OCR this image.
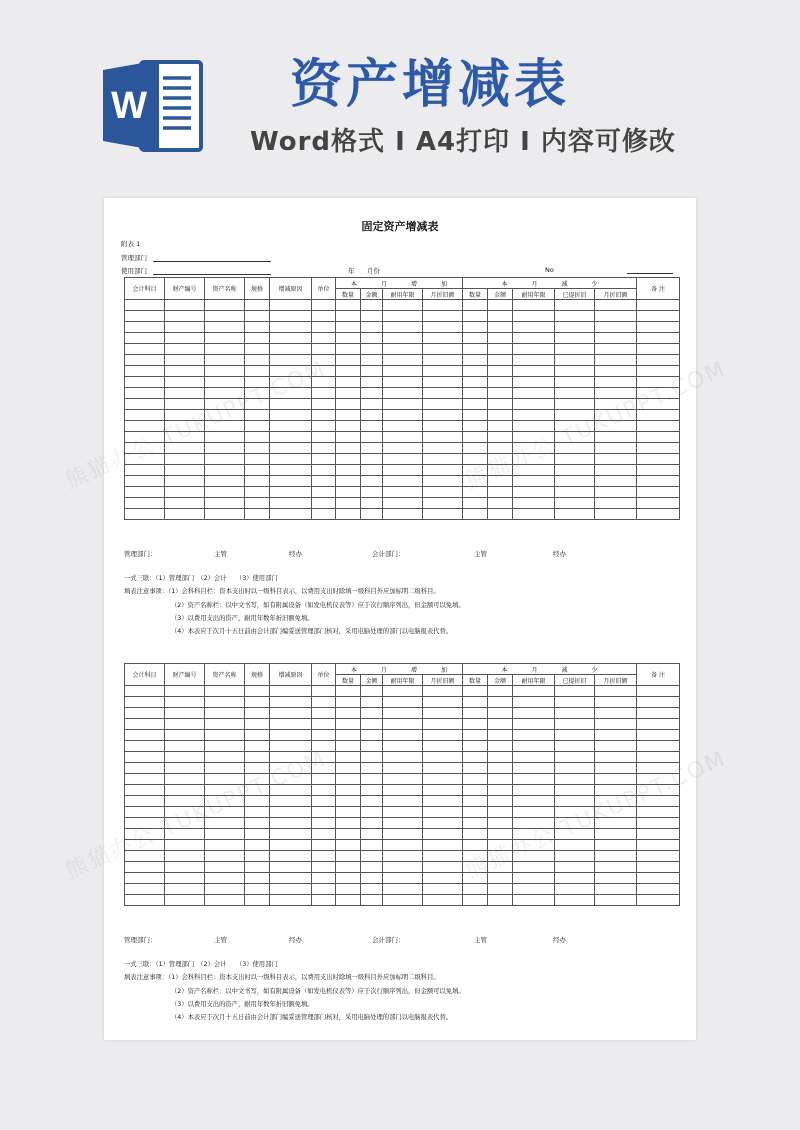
W	资产增减表
Word格式 I A4打印 I 内容可修改
固定资产增减表
附表 1
管理部门
使用部门	年 月份	No
熊猫办公 TUKUPPT.COM	熊猫办公 TUKUPPT.COM
熊猫办公 TUKUPPT.COM	熊猫办公 TUKUPPT.COM
会计科目	财产编号	资产名称	规格	增减原因	单位	本 月 增 加				本 月 减 少					备 注
						数量	金额	耐用年限	月折旧额	数量	金额	耐用年限	已提折旧	月折旧额	

管理部门：	主管	经办	会计部门：	主管	经办
一式三联：（1）管理部门　（2）会计　　（3）使用部门
填表注意事项：（1）会科科目栏：资本支出时以一级科目表示，以费用支出时除填一级科目外应加标明二级科目。
（2）资产名称栏：以中文书写，如有附属设备（如发电机仪表等）应于次行顺序列出，但金额可以免填。
（3）以费用支出的资产，耐用年数年折旧额免填。
（4）本表应于次月十五日前由会计部门编妥送管理部门核对，采用电脑处理的部门以电脑报表代替。
会计科目	财产编号	资产名称	规格	增减原因	单位	本 月 增 加				本 月 减 少					备 注
						数量	金额	耐用年限	月折旧额	数量	金额	耐用年限	已提折旧	月折旧额	

管理部门：	主管	经办	会计部门：	主管	经办
一式三联：（1）管理部门　（2）会计　　（3）使用部门
填表注意事项：（1）会科科目栏：资本支出时以一级科目表示，以费用支出时除填一级科目外应加标明二级科目。
（2）资产名称栏：以中文书写，如有附属设备（如发电机仪表等）应于次行顺序列出，但金额可以免填。
（3）以费用支出的资产，耐用年数年折旧额免填。
（4）本表应于次月十五日前由会计部门编妥送管理部门核对，采用电脑处理的部门以电脑报表代替。
